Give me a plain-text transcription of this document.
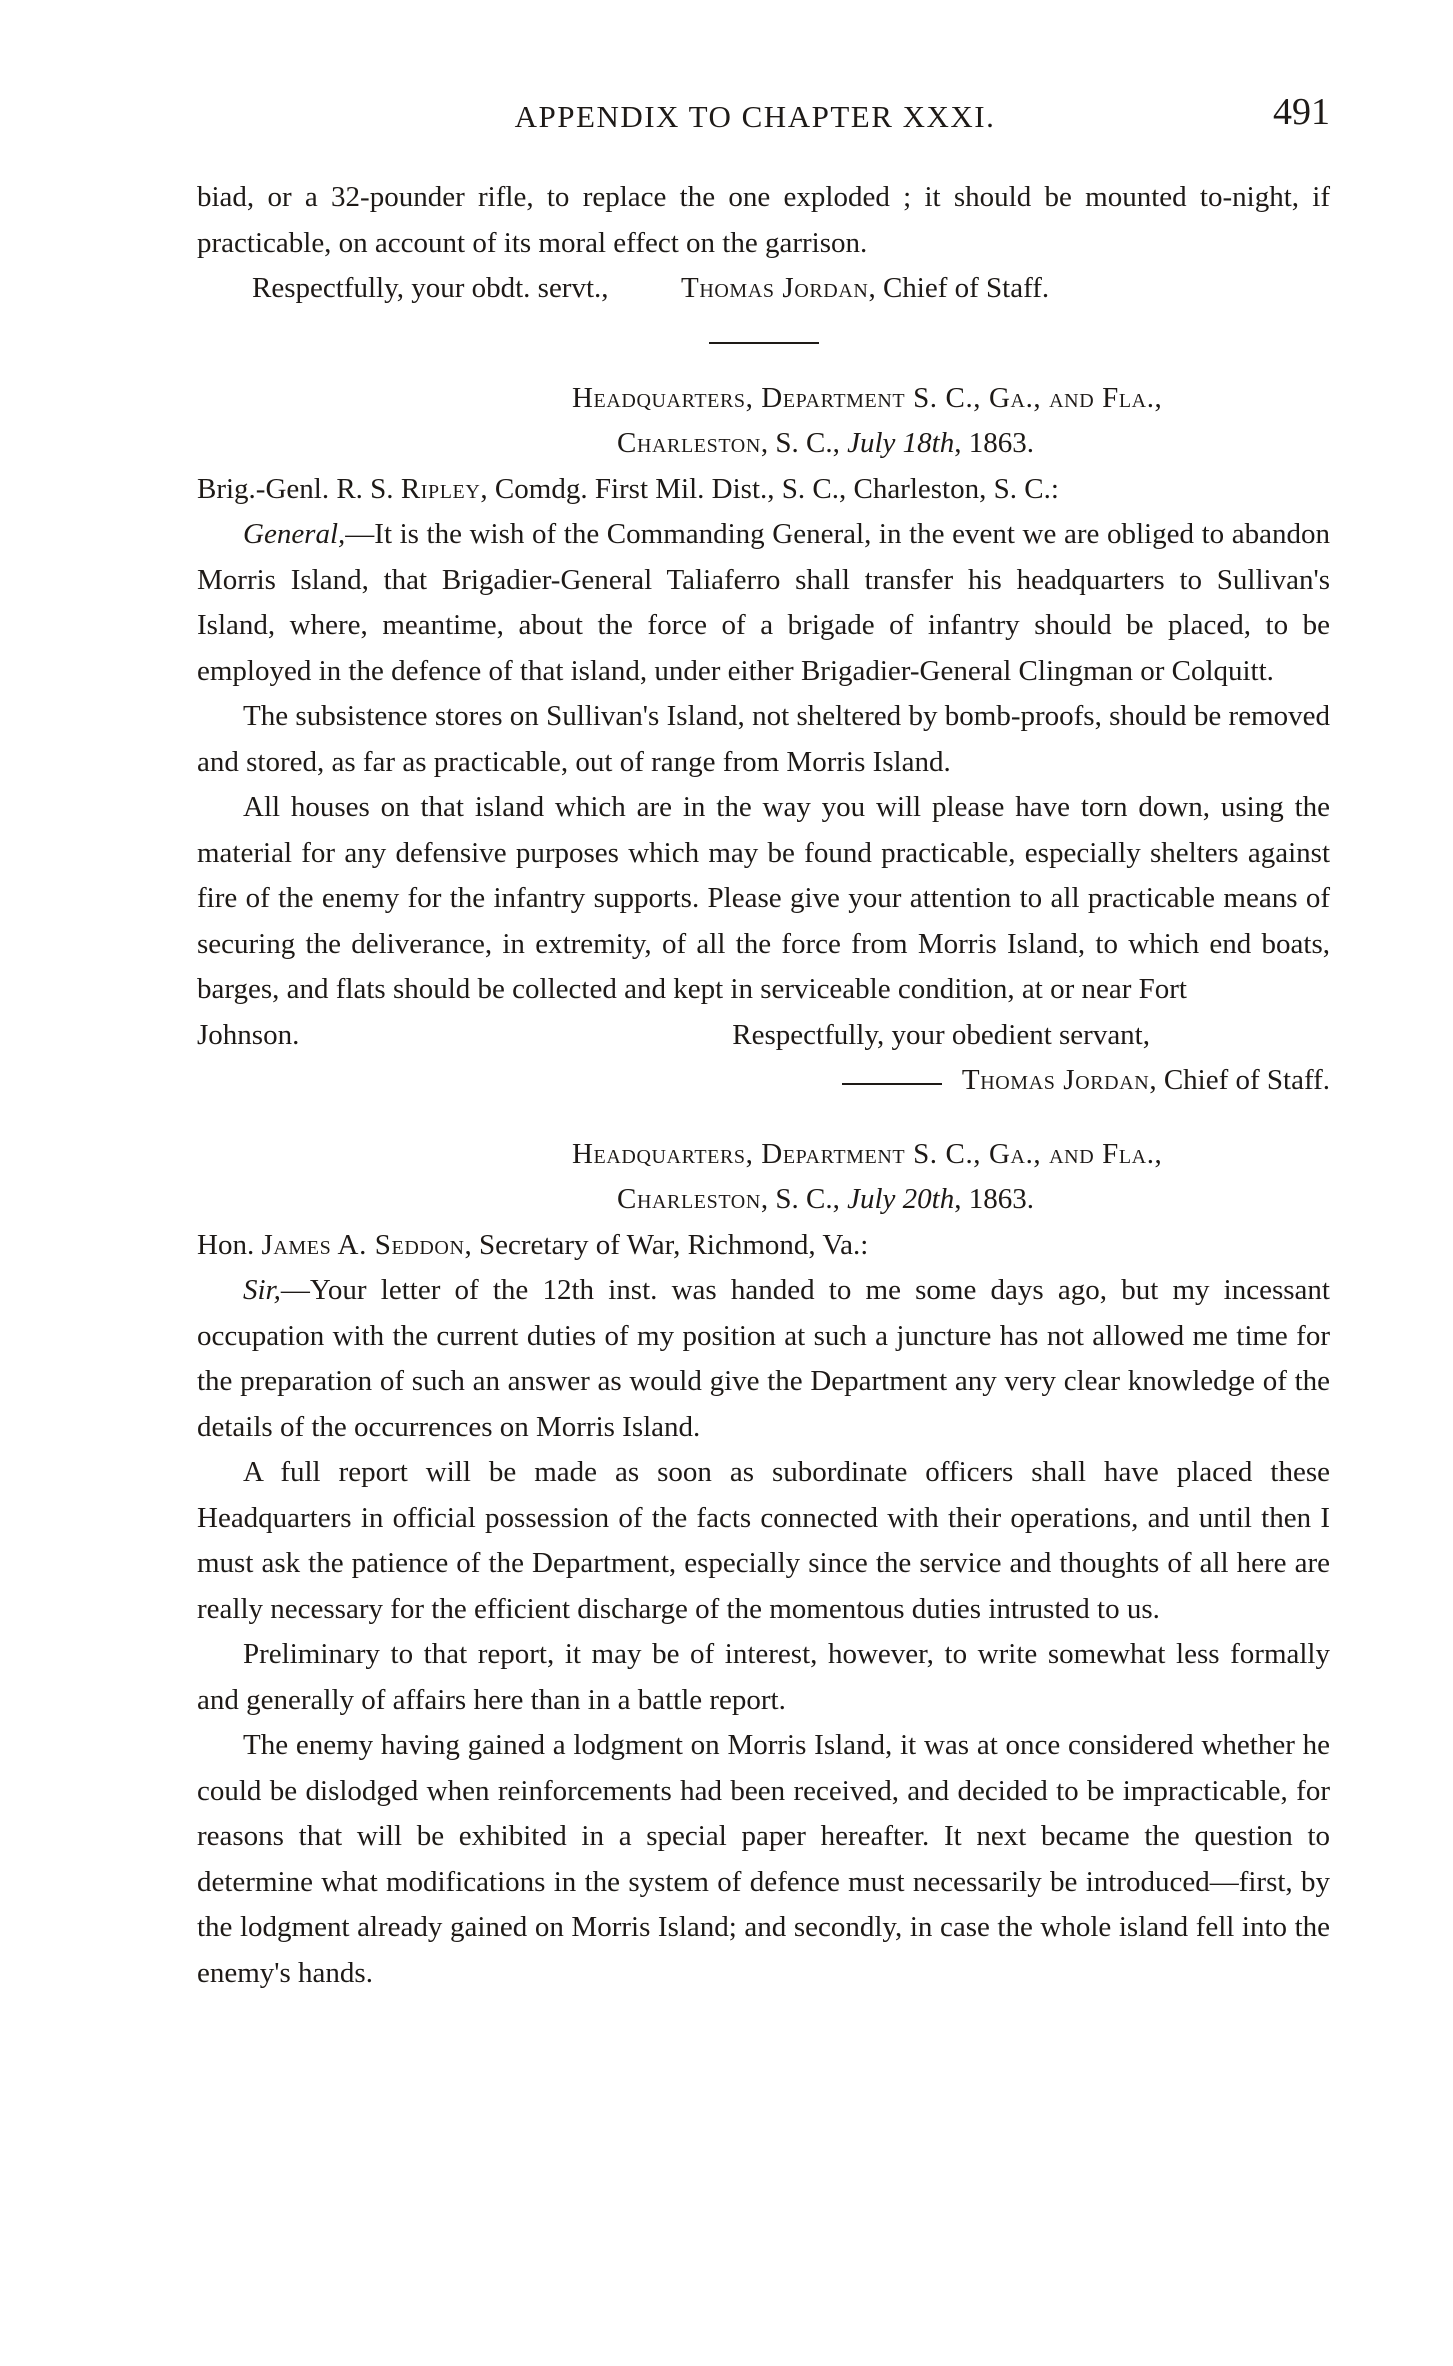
APPENDIX TO CHAPTER XXXI.	491

biad, or a 32-pounder rifle, to replace the one exploded ; it should be mounted to-night, if practicable, on account of its moral effect on the garrison.

Respectfully, your obdt. servt.,	Thomas Jordan, Chief of Staff.

Headquarters, Department S. C., Ga., and Fla.,

Charleston, S. C., July 18th, 1863.

Brig.-Genl. R. S. Ripley, Comdg. First Mil. Dist., S. C., Charleston, S. C.:

General,—It is the wish of the Commanding General, in the event we are obliged to abandon Morris Island, that Brigadier-General Taliaferro shall transfer his headquarters to Sullivan's Island, where, meantime, about the force of a brigade of infantry should be placed, to be employed in the defence of that island, under either Brigadier-General Clingman or Colquitt.

The subsistence stores on Sullivan's Island, not sheltered by bomb-proofs, should be removed and stored, as far as practicable, out of range from Morris Island.

All houses on that island which are in the way you will please have torn down, using the material for any defensive purposes which may be found practicable, especially shelters against fire of the enemy for the infantry supports. Please give your attention to all practicable means of securing the deliverance, in extremity, of all the force from Morris Island, to which end boats, barges, and flats should be collected and kept in serviceable condition, at or near Fort

Johnson.	Respectfully, your obedient servant,

Thomas Jordan, Chief of Staff.

Headquarters, Department S. C., Ga., and Fla.,

Charleston, S. C., July 20th, 1863.

Hon. James A. Seddon, Secretary of War, Richmond, Va.:

Sir,—Your letter of the 12th inst. was handed to me some days ago, but my incessant occupation with the current duties of my position at such a juncture has not allowed me time for the preparation of such an answer as would give the Department any very clear knowledge of the details of the occurrences on Morris Island.

A full report will be made as soon as subordinate officers shall have placed these Headquarters in official possession of the facts connected with their operations, and until then I must ask the patience of the Department, especially since the service and thoughts of all here are really necessary for the efficient discharge of the momentous duties intrusted to us.

Preliminary to that report, it may be of interest, however, to write somewhat less formally and generally of affairs here than in a battle report.

The enemy having gained a lodgment on Morris Island, it was at once considered whether he could be dislodged when reinforcements had been received, and decided to be impracticable, for reasons that will be exhibited in a special paper hereafter. It next became the question to determine what modifications in the system of defence must necessarily be introduced—first, by the lodgment already gained on Morris Island; and secondly, in case the whole island fell into the enemy's hands.
